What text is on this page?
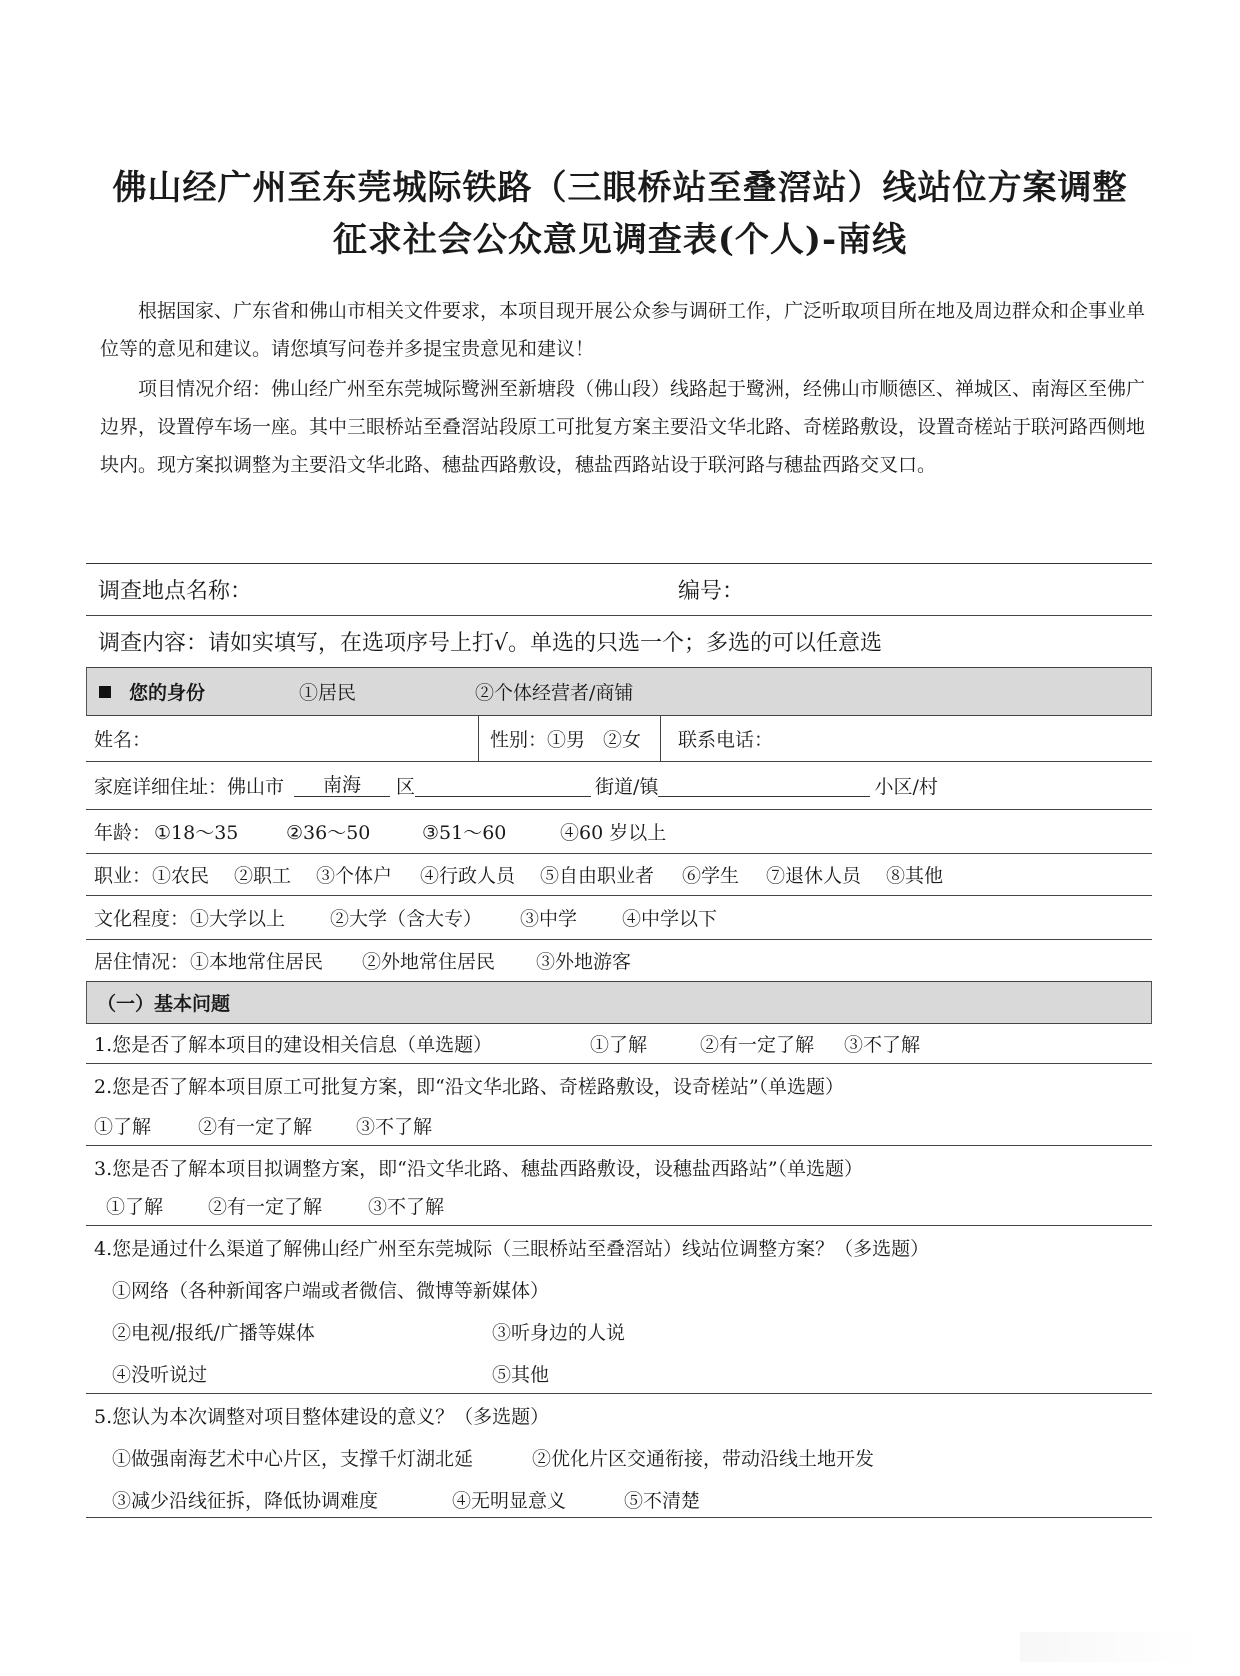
佛山经广州至东莞城际铁路（三眼桥站至叠滘站）线站位方案调整
征求社会公众意见调查表(个人)-南线
根据国家、广东省和佛山市相关文件要求，本项目现开展公众参与调研工作，广泛听取项目所在地及周边群众和企事业单位等的意见和建议。请您填写问卷并多提宝贵意见和建议！
项目情况介绍：佛山经广州至东莞城际鹭洲至新塘段（佛山段）线路起于鹭洲，经佛山市顺德区、禅城区、南海区至佛广边界，设置停车场一座。其中三眼桥站至叠滘站段原工可批复方案主要沿文华北路、奇槎路敷设，设置奇槎站于联河路西侧地块内。现方案拟调整为主要沿文华北路、穗盐西路敷设，穗盐西路站设于联河路与穗盐西路交叉口。
调查地点名称：	编号：
调查内容：请如实填写，在选项序号上打√。单选的只选一个；多选的可以任意选
您的身份	①居民	②个体经营者/商铺
姓名：	性别： ①男 ②女 联系电话：
家庭详细住址： 佛山市	南海	区	街道/镇	小区/村
年龄： ①18～35	②36～50	③51～60	④60 岁以上
职业： ①农民 ②职工 ③个体户 ④行政人员 ⑤自由职业者 ⑥学生 ⑦退休人员 ⑧其他
文化程度： ①大学以上 ②大学（含大专） ③中学 ④中学以下
居住情况： ①本地常住居民 ②外地常住居民 ③外地游客
（一）基本问题
1.您是否了解本项目的建设相关信息（单选题）	①了解	②有一定了解 ③不了解
2.您是否了解本项目原工可批复方案，即“沿文华北路、奇槎路敷设，设奇槎站”（单选题）
①了解 ②有一定了解 ③不了解
3.您是否了解本项目拟调整方案，即“沿文华北路、穗盐西路敷设，设穗盐西路站”（单选题）
①了解 ②有一定了解 ③不了解
4.您是通过什么渠道了解佛山经广州至东莞城际（三眼桥站至叠滘站）线站位调整方案？（多选题）
①网络（各种新闻客户端或者微信、微博等新媒体）
②电视/报纸/广播等媒体	③听身边的人说
④没听说过	⑤其他
5.您认为本次调整对项目整体建设的意义？（多选题）
①做强南海艺术中心片区，支撑千灯湖北延	②优化片区交通衔接，带动沿线土地开发
③减少沿线征拆，降低协调难度	④无明显意义	⑤不清楚
